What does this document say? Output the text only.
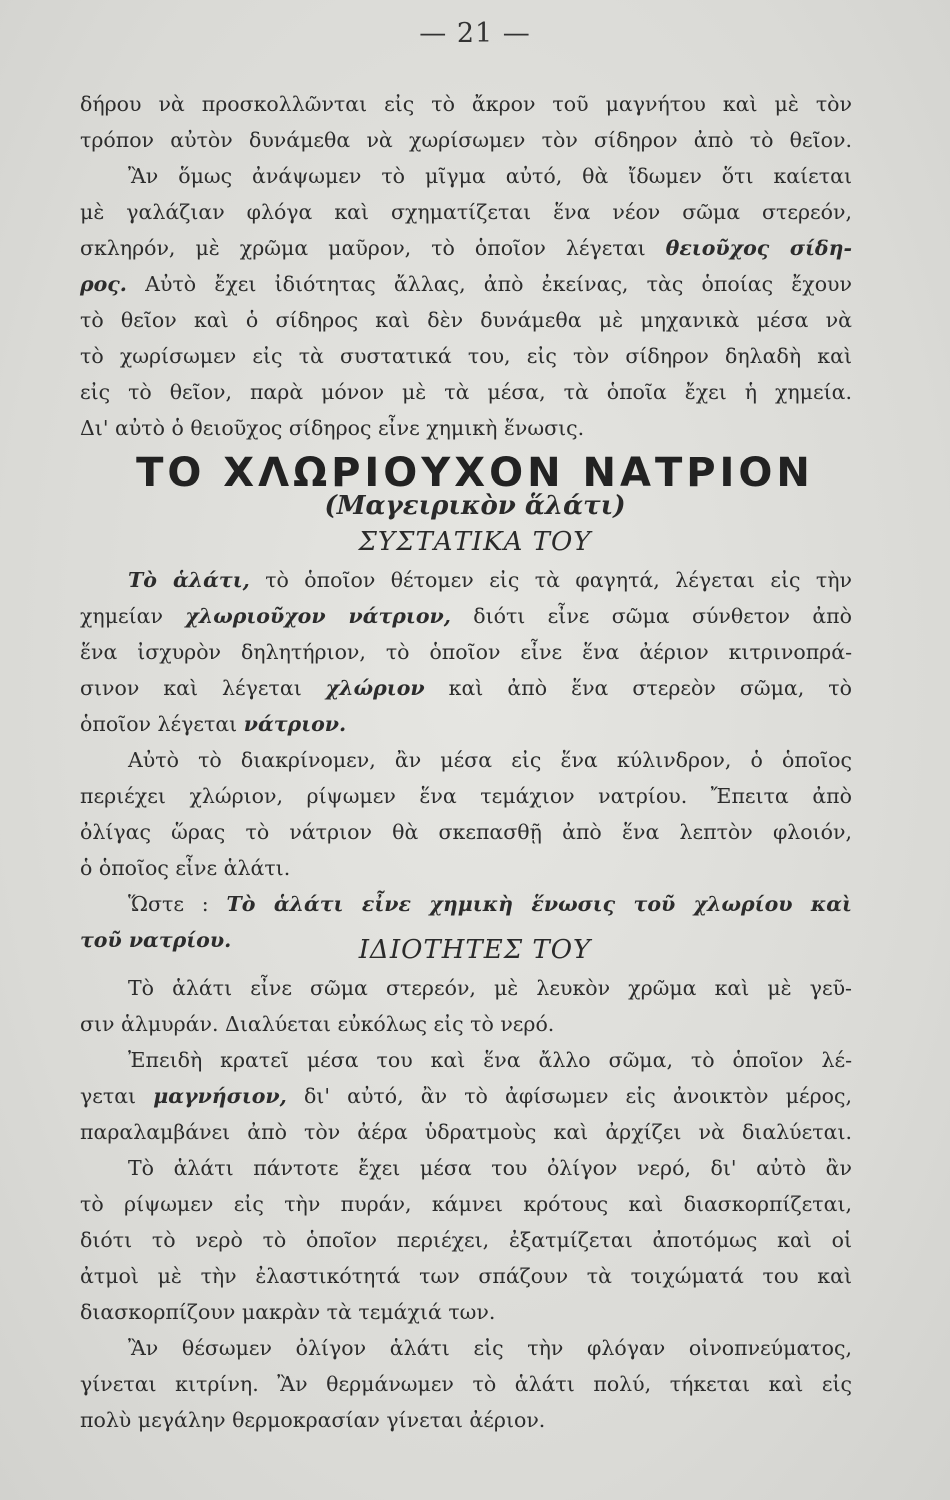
— 21 —
δήρου νὰ προσκολλῶνται εἰς τὸ ἄκρον τοῦ μαγνήτου καὶ μὲ τὸν
τρόπον αὐτὸν δυνάμεθα νὰ χωρίσωμεν τὸν σίδηρον ἀπὸ τὸ θεῖον.
Ἂν ὅμως ἀνάψωμεν τὸ μῖγμα αὐτό, θὰ ἴδωμεν ὅτι καίεται
μὲ γαλάζιαν φλόγα καὶ σχηματίζεται ἕνα νέον σῶμα στερεόν,
σκληρόν, μὲ χρῶμα μαῦρον, τὸ ὁποῖον λέγεται θειοῦχος σίδη-
ρος. Αὐτὸ ἔχει ἰδιότητας ἄλλας, ἀπὸ ἐκείνας, τὰς ὁποίας ἔχουν
τὸ θεῖον καὶ ὁ σίδηρος καὶ δὲν δυνάμεθα μὲ μηχανικὰ μέσα νὰ
τὸ χωρίσωμεν εἰς τὰ συστατικά του, εἰς τὸν σίδηρον δηλαδὴ καὶ
εἰς τὸ θεῖον, παρὰ μόνον μὲ τὰ μέσα, τὰ ὁποῖα ἔχει ἡ χημεία.
Δι' αὐτὸ ὁ θειοῦχος σίδηρος εἶνε χημικὴ ἕνωσις.
ΤΟ ΧΛΩΡΙΟΥΧΟΝ ΝΑΤΡΙΟΝ
(Μαγειρικὸν ἅλάτι)
ΣΥΣΤΑΤΙΚΑ ΤΟΥ
Τὸ ἁλάτι, τὸ ὁποῖον θέτομεν εἰς τὰ φαγητά, λέγεται εἰς τὴν
χημείαν χλωριοῦχον νάτριον, διότι εἶνε σῶμα σύνθετον ἀπὸ
ἕνα ἰσχυρὸν δηλητήριον, τὸ ὁποῖον εἶνε ἕνα ἀέριον κιτρινοπρά-
σινον καὶ λέγεται χλώριον καὶ ἀπὸ ἕνα στερεὸν σῶμα, τὸ
ὁποῖον λέγεται νάτριον.
Αὐτὸ τὸ διακρίνομεν, ἂν μέσα εἰς ἕνα κύλινδρον, ὁ ὁποῖος
περιέχει χλώριον, ρίψωμεν ἕνα τεμάχιον νατρίου. Ἔπειτα ἀπὸ
ὀλίγας ὥρας τὸ νάτριον θὰ σκεπασθῇ ἀπὸ ἕνα λεπτὸν φλοιόν,
ὁ ὁποῖος εἶνε ἁλάτι.
Ὥστε : Τὸ ἁλάτι εἶνε χημικὴ ἕνωσις τοῦ χλωρίου καὶ
τοῦ νατρίου.	ΙΔΙΟΤΗΤΕΣ ΤΟΥ
Τὸ ἁλάτι εἶνε σῶμα στερεόν, μὲ λευκὸν χρῶμα καὶ μὲ γεῦ-
σιν ἁλμυράν. Διαλύεται εὐκόλως εἰς τὸ νερό.
Ἐπειδὴ κρατεῖ μέσα του καὶ ἕνα ἄλλο σῶμα, τὸ ὁποῖον λέ-
γεται μαγνήσιον, δι' αὐτό, ἂν τὸ ἀφίσωμεν εἰς ἀνοικτὸν μέρος,
παραλαμβάνει ἀπὸ τὸν ἀέρα ὑδρατμοὺς καὶ ἀρχίζει νὰ διαλύεται.
Τὸ ἁλάτι πάντοτε ἔχει μέσα του ὀλίγον νερό, δι' αὐτὸ ἂν
τὸ ρίψωμεν εἰς τὴν πυράν, κάμνει κρότους καὶ διασκορπίζεται,
διότι τὸ νερὸ τὸ ὁποῖον περιέχει, ἐξατμίζεται ἀποτόμως καὶ οἱ
ἀτμοὶ μὲ τὴν ἐλαστικότητά των σπάζουν τὰ τοιχώματά του καὶ
διασκορπίζουν μακρὰν τὰ τεμάχιά των.
Ἂν θέσωμεν ὀλίγον ἁλάτι εἰς τὴν φλόγαν οἰνοπνεύματος,
γίνεται κιτρίνη. Ἂν θερμάνωμεν τὸ ἁλάτι πολύ, τήκεται καὶ εἰς
πολὺ μεγάλην θερμοκρασίαν γίνεται ἀέριον.
